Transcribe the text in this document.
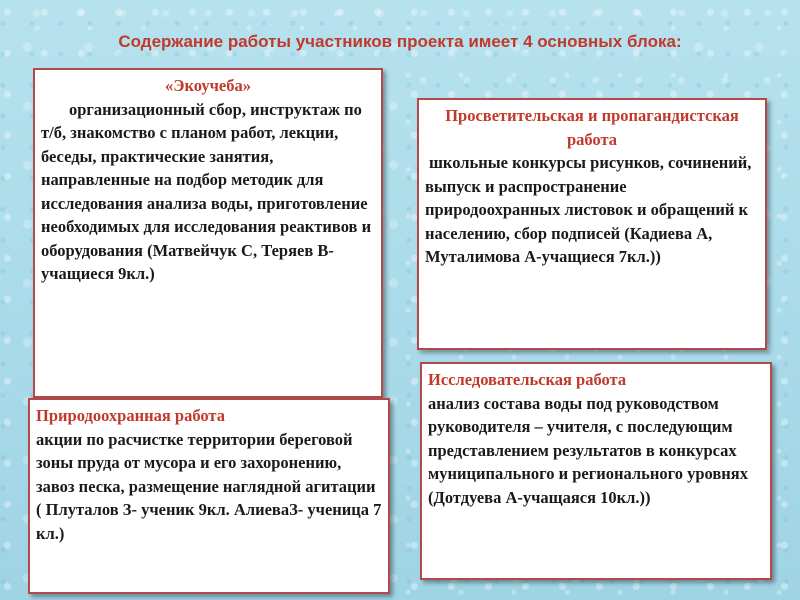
Содержание работы участников проекта имеет 4 основных блока:
«Экоучеба»
организационный сбор, инструктаж по т/б, знакомство с планом работ, лекции, беседы, практические занятия, направленные на подбор методик для исследования анализа воды, приготовление необходимых для исследования реактивов и оборудования (Матвейчук С, Теряев В-учащиеся 9кл.)
Просветительская и пропагандистская работа
школьные конкурсы рисунков, сочинений, выпуск и распространение природоохранных листовок и обращений к населению, сбор подписей (Кадиева А, Муталимова А-учащиеся 7кл.))
Природоохранная работа
акции по расчистке территории береговой зоны пруда от мусора и его захоронению, завоз песка, размещение наглядной агитации ( Плуталов З- ученик 9кл. АлиеваЗ- ученица 7 кл.)
Исследовательская работа
анализ состава воды под руководством руководителя – учителя, с последующим представлением результатов в конкурсах муниципального и регионального уровнях (Дотдуева А-учащаяся 10кл.))
